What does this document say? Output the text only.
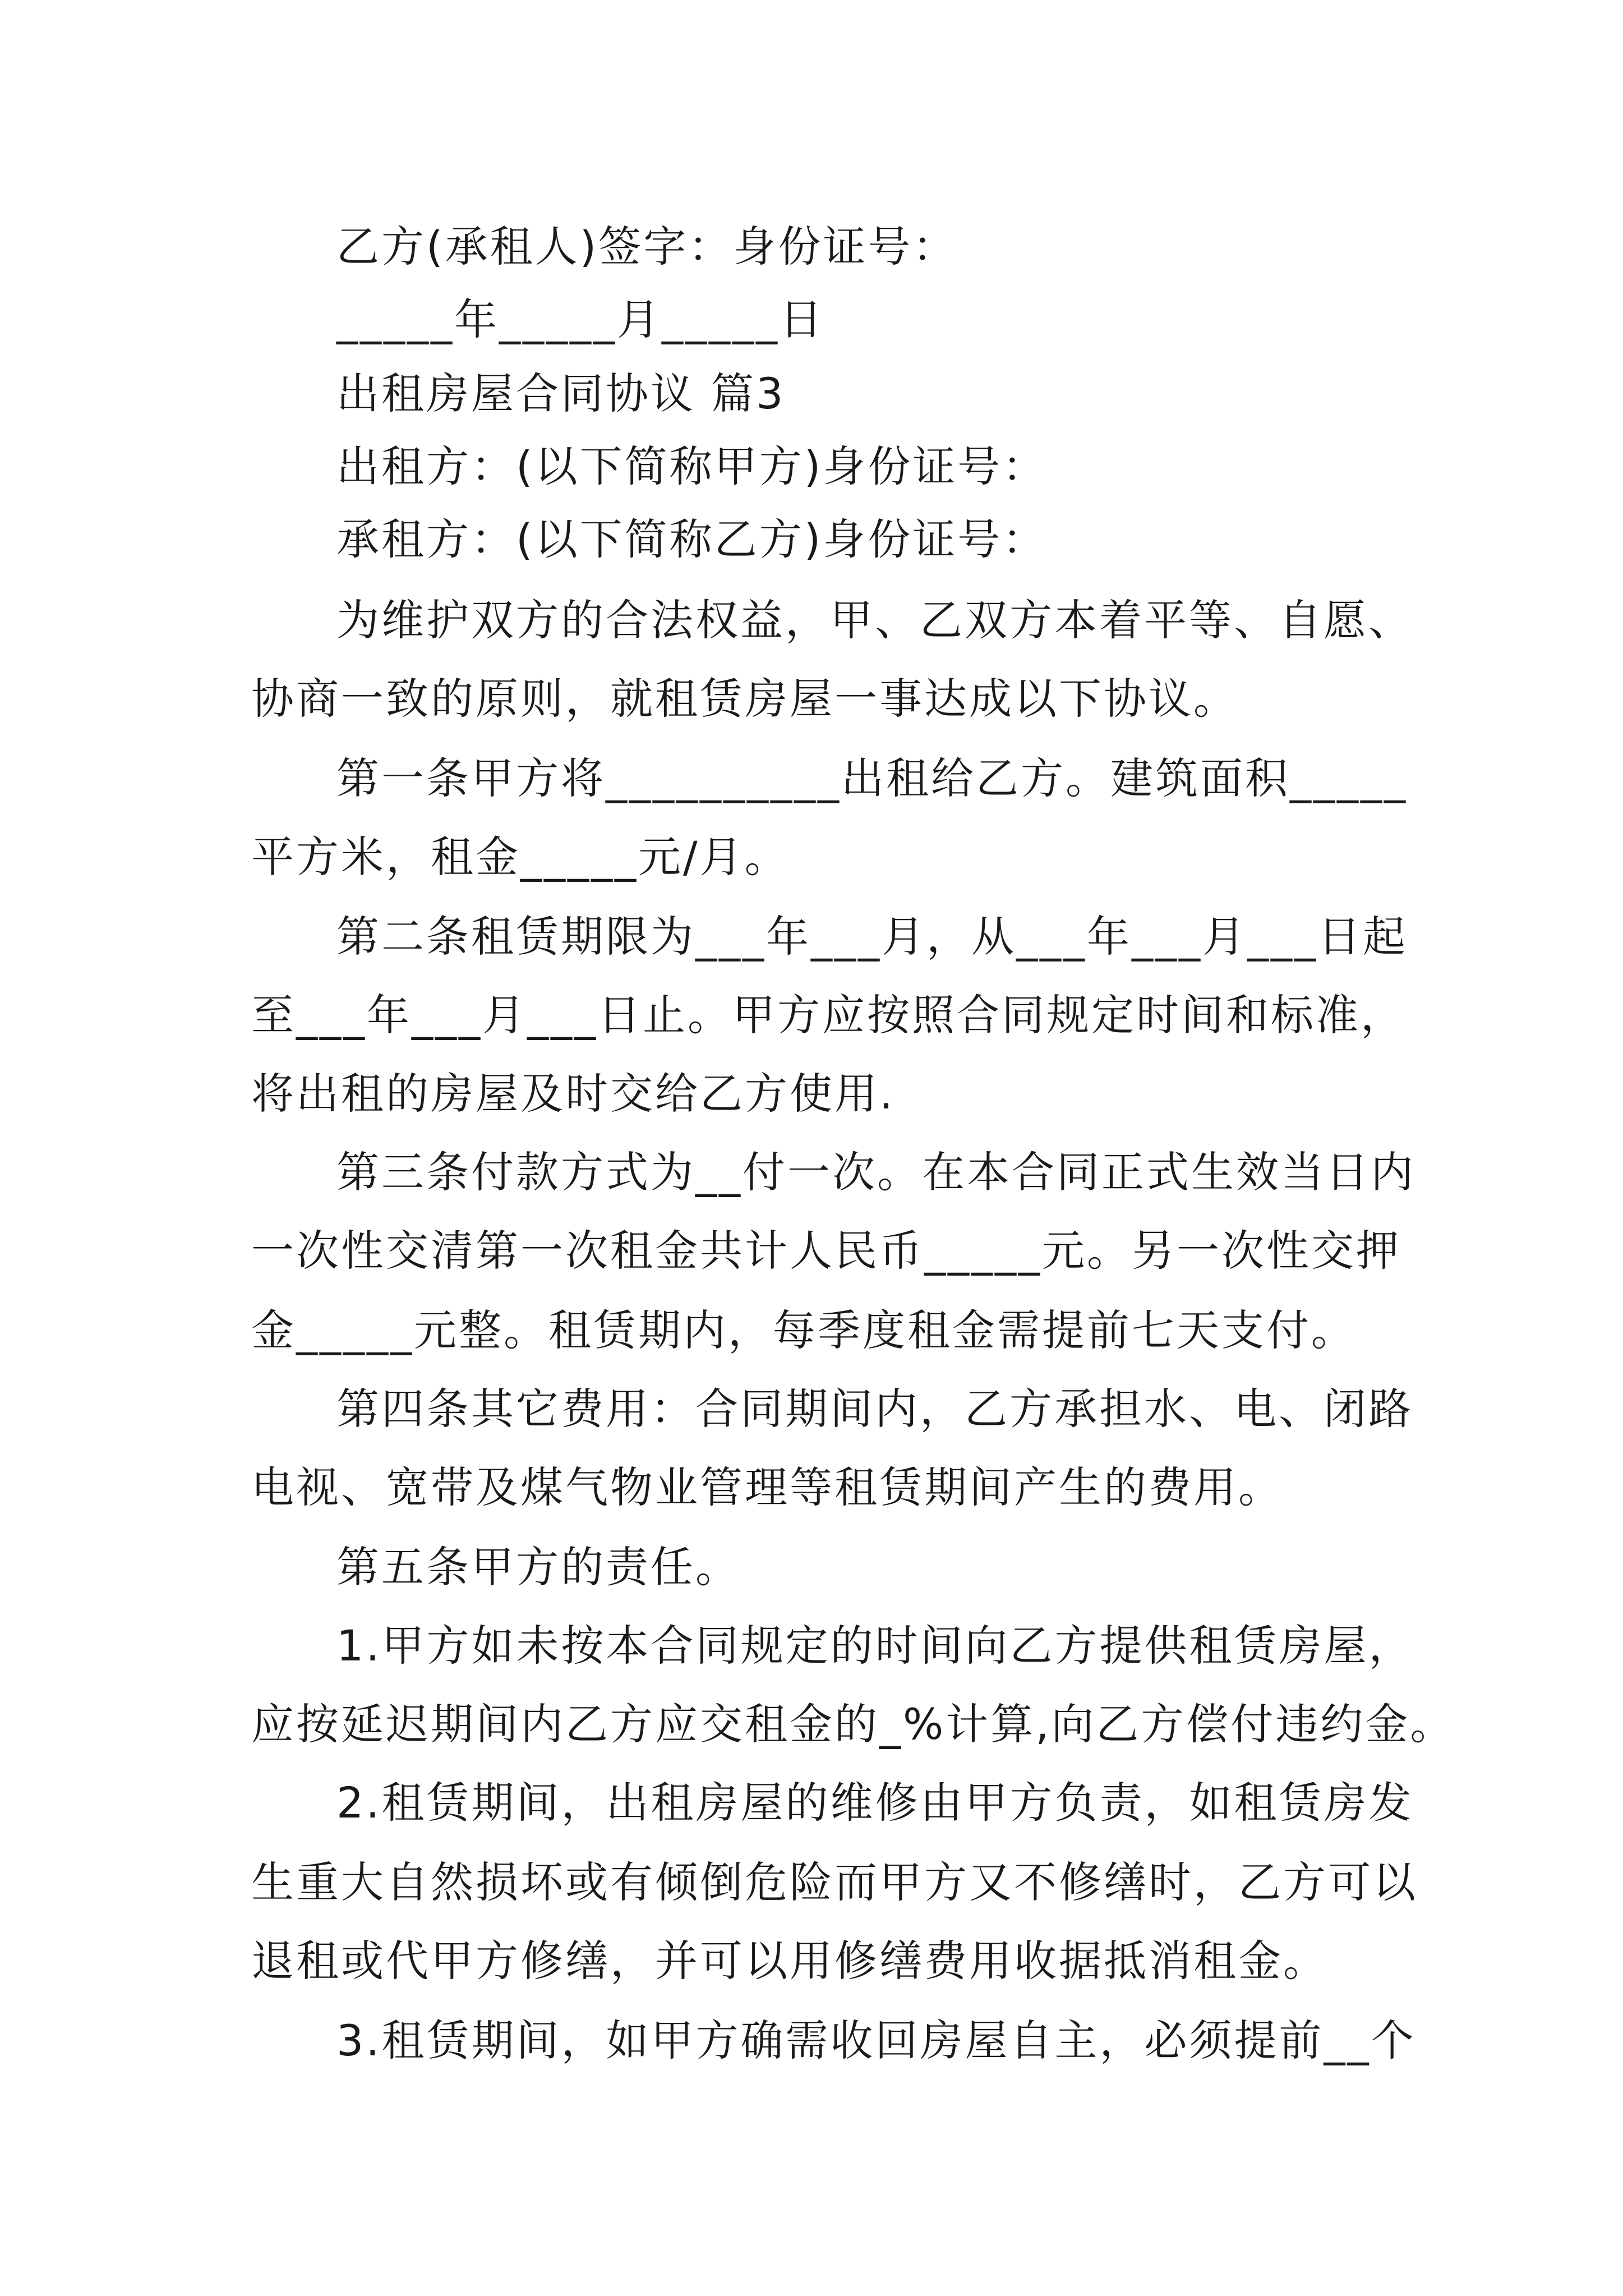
乙方(承租人)签字：身份证号：
_____年_____月_____日
出租房屋合同协议 篇3
出租方：(以下简称甲方)身份证号：
承租方：(以下简称乙方)身份证号：
为维护双方的合法权益，甲、乙双方本着平等、自愿、
协商一致的原则，就租赁房屋一事达成以下协议。
第一条甲方将__________出租给乙方。建筑面积_____
平方米，租金_____元/月。
第二条租赁期限为___年___月，从___年___月___日起
至___年___月___日止。甲方应按照合同规定时间和标准，
将出租的房屋及时交给乙方使用.
第三条付款方式为__付一次。在本合同正式生效当日内
一次性交清第一次租金共计人民币_____元。另一次性交押
金_____元整。租赁期内，每季度租金需提前七天支付。
第四条其它费用：合同期间内，乙方承担水、电、闭路
电视、宽带及煤气物业管理等租赁期间产生的费用。
第五条甲方的责任。
1.甲方如未按本合同规定的时间向乙方提供租赁房屋，
应按延迟期间内乙方应交租金的_%计算,向乙方偿付违约金。
2.租赁期间，出租房屋的维修由甲方负责，如租赁房发
生重大自然损坏或有倾倒危险而甲方又不修缮时，乙方可以
退租或代甲方修缮，并可以用修缮费用收据抵消租金。
3.租赁期间，如甲方确需收回房屋自主，必须提前__个
